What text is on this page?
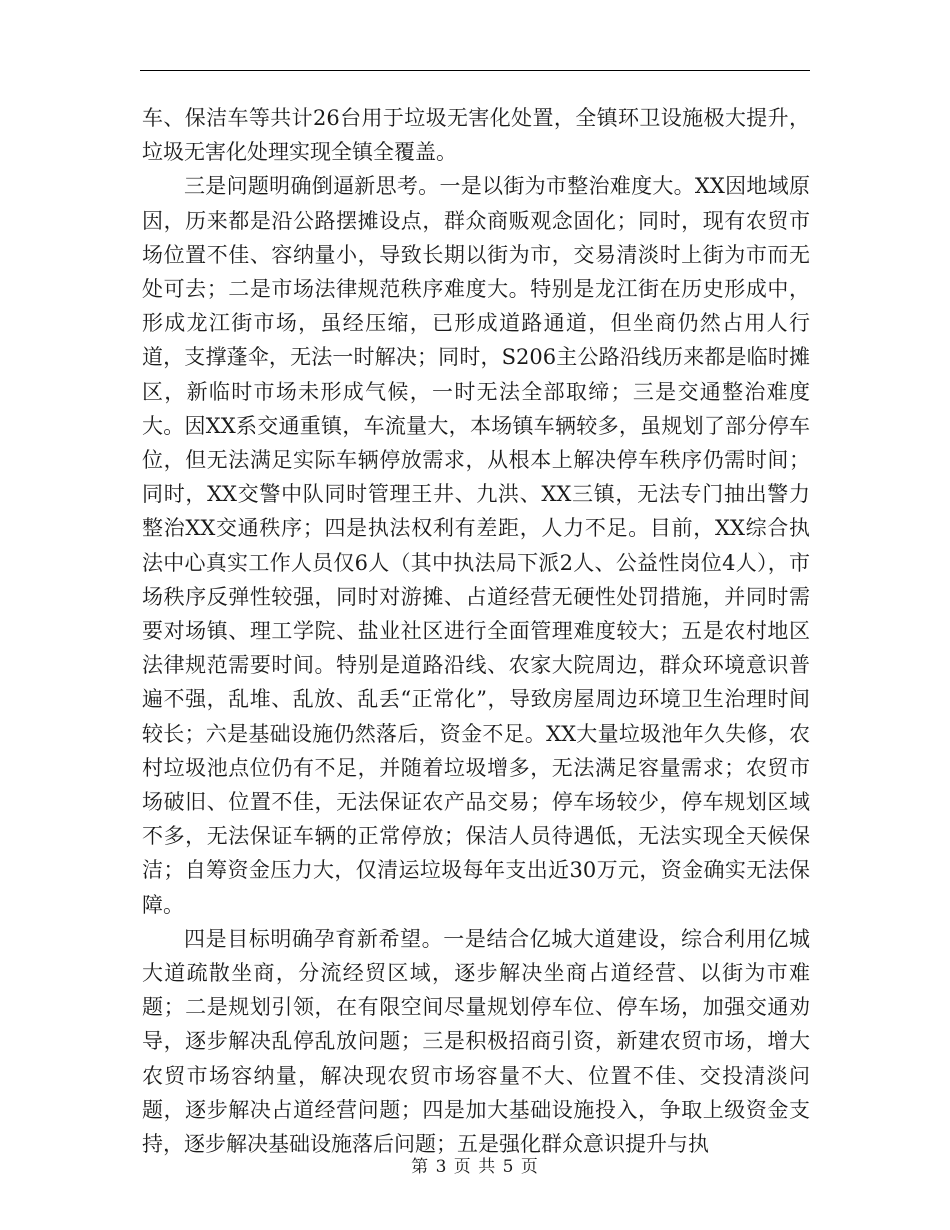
车、保洁车等共计26台用于垃圾无害化处置，全镇环卫设施极大提升，垃圾无害化处理实现全镇全覆盖。

三是问题明确倒逼新思考。一是以街为市整治难度大。XX因地域原因，历来都是沿公路摆摊设点，群众商贩观念固化；同时，现有农贸市场位置不佳、容纳量小，导致长期以街为市，交易清淡时上街为市而无处可去；二是市场法律规范秩序难度大。特别是龙江街在历史形成中，形成龙江街市场，虽经压缩，已形成道路通道，但坐商仍然占用人行道，支撑蓬伞，无法一时解决；同时，S206主公路沿线历来都是临时摊区，新临时市场未形成气候，一时无法全部取缔；三是交通整治难度大。因XX系交通重镇，车流量大，本场镇车辆较多，虽规划了部分停车位，但无法满足实际车辆停放需求，从根本上解决停车秩序仍需时间；同时，XX交警中队同时管理王井、九洪、XX三镇，无法专门抽出警力整治XX交通秩序；四是执法权利有差距，人力不足。目前，XX综合执法中心真实工作人员仅6人（其中执法局下派2人、公益性岗位4人），市场秩序反弹性较强，同时对游摊、占道经营无硬性处罚措施，并同时需要对场镇、理工学院、盐业社区进行全面管理难度较大；五是农村地区法律规范需要时间。特别是道路沿线、农家大院周边，群众环境意识普遍不强，乱堆、乱放、乱丢“正常化”，导致房屋周边环境卫生治理时间较长；六是基础设施仍然落后，资金不足。XX大量垃圾池年久失修，农村垃圾池点位仍有不足，并随着垃圾增多，无法满足容量需求；农贸市场破旧、位置不佳，无法保证农产品交易；停车场较少，停车规划区域不多，无法保证车辆的正常停放；保洁人员待遇低，无法实现全天候保洁；自筹资金压力大，仅清运垃圾每年支出近30万元，资金确实无法保障。

四是目标明确孕育新希望。一是结合亿城大道建设，综合利用亿城大道疏散坐商，分流经贸区域，逐步解决坐商占道经营、以街为市难题；二是规划引领，在有限空间尽量规划停车位、停车场，加强交通劝导，逐步解决乱停乱放问题；三是积极招商引资，新建农贸市场，增大农贸市场容纳量，解决现农贸市场容量不大、位置不佳、交投清淡问题，逐步解决占道经营问题；四是加大基础设施投入，争取上级资金支持，逐步解决基础设施落后问题；五是强化群众意识提升与执

第 3 页 共 5 页
